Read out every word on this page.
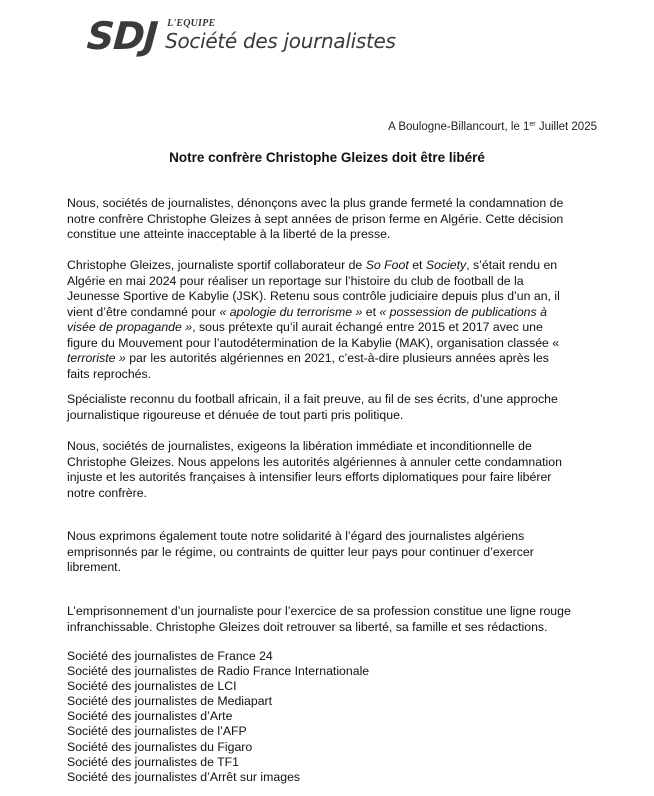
SDJ L'EQUIPE
Société des journalistes
A Boulogne-Billancourt, le 1er Juillet 2025
Notre confrère Christophe Gleizes doit être libéré

Nous, sociétés de journalistes, dénonçons avec la plus grande fermeté la condamnation de
notre confrère Christophe Gleizes à sept années de prison ferme en Algérie. Cette décision
constitue une atteinte inacceptable à la liberté de la presse.

Christophe Gleizes, journaliste sportif collaborateur de So Foot et Society, s’était rendu en
Algérie en mai 2024 pour réaliser un reportage sur l’histoire du club de football de la
Jeunesse Sportive de Kabylie (JSK). Retenu sous contrôle judiciaire depuis plus d’un an, il
vient d’être condamné pour « apologie du terrorisme » et « possession de publications à
visée de propagande », sous prétexte qu’il aurait échangé entre 2015 et 2017 avec une
figure du Mouvement pour l’autodétermination de la Kabylie (MAK), organisation classée «
terroriste » par les autorités algériennes en 2021, c’est-à-dire plusieurs années après les
faits reprochés.

Spécialiste reconnu du football africain, il a fait preuve, au fil de ses écrits, d’une approche
journalistique rigoureuse et dénuée de tout parti pris politique.

Nous, sociétés de journalistes, exigeons la libération immédiate et inconditionnelle de
Christophe Gleizes. Nous appelons les autorités algériennes à annuler cette condamnation
injuste et les autorités françaises à intensifier leurs efforts diplomatiques pour faire libérer
notre confrère.

Nous exprimons également toute notre solidarité à l’égard des journalistes algériens
emprisonnés par le régime, ou contraints de quitter leur pays pour continuer d’exercer
librement.

L’emprisonnement d’un journaliste pour l’exercice de sa profession constitue une ligne rouge
infranchissable. Christophe Gleizes doit retrouver sa liberté, sa famille et ses rédactions.

Société des journalistes de France 24
Société des journalistes de Radio France Internationale
Société des journalistes de LCI
Société des journalistes de Mediapart
Société des journalistes d’Arte
Société des journalistes de l’AFP
Société des journalistes du Figaro
Société des journalistes de TF1
Société des journalistes d’Arrêt sur images
